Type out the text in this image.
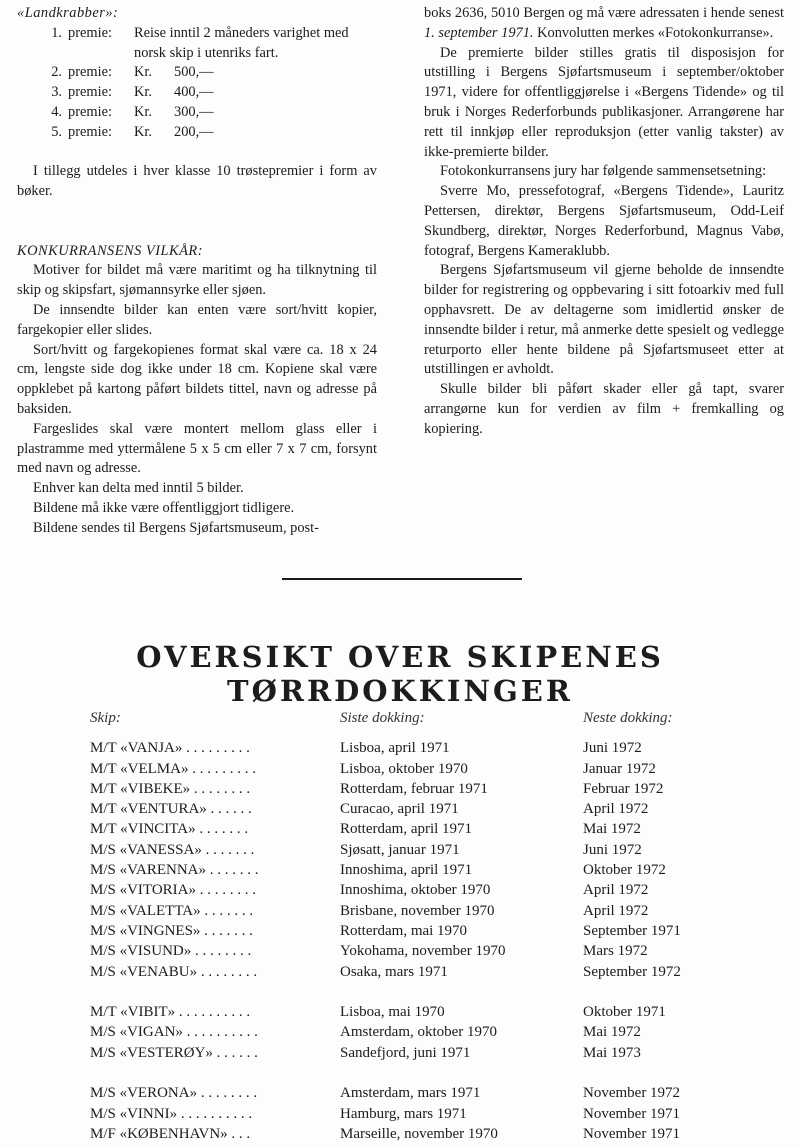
«Landkrabber»:

1. premie:	Reise inntil 2 måneders varighet med norsk skip i utenriks fart.
2. premie:	Kr.	500,—
3. premie:	Kr.	400,—
4. premie:	Kr.	300,—
5. premie:	Kr.	200,—

I tillegg utdeles i hver klasse 10 trøstepremier i form av bøker.

KONKURRANSENS VILKÅR:

Motiver for bildet må være maritimt og ha tilknytning til skip og skipsfart, sjømannsyrke eller sjøen.

De innsendte bilder kan enten være sort/hvitt kopier, fargekopier eller slides.

Sort/hvitt og fargekopienes format skal være ca. 18 x 24 cm, lengste side dog ikke under 18 cm. Kopiene skal være oppklebet på kartong påført bildets tittel, navn og adresse på baksiden.

Fargeslides skal være montert mellom glass eller i plastramme med yttermålene 5 x 5 cm eller 7 x 7 cm, forsynt med navn og adresse.

Enhver kan delta med inntil 5 bilder.

Bildene må ikke være offentliggjort tidligere.

Bildene sendes til Bergens Sjøfartsmuseum, post-

boks 2636, 5010 Bergen og må være adressaten i hende senest 1. september 1971. Konvolutten merkes «Fotokonkurranse».

De premierte bilder stilles gratis til disposisjon for utstilling i Bergens Sjøfartsmuseum i september/oktober 1971, videre for offentliggjørelse i «Bergens Tidende» og til bruk i Norges Rederforbunds publikasjoner. Arrangørene har rett til innkjøp eller reproduksjon (etter vanlig takster) av ikke-premierte bilder.

Fotokonkurransens jury har følgende sammensetsetning:

Sverre Mo, pressefotograf, «Bergens Tidende», Lauritz Pettersen, direktør, Bergens Sjøfartsmuseum, Odd-Leif Skundberg, direktør, Norges Rederforbund, Magnus Vabø, fotograf, Bergens Kameraklubb.

Bergens Sjøfartsmuseum vil gjerne beholde de innsendte bilder for registrering og oppbevaring i sitt fotoarkiv med full opphavsrett. De av deltagerne som imidlertid ønsker de innsendte bilder i retur, må anmerke dette spesielt og vedlegge returporto eller hente bildene på Sjøfartsmuseet etter at utstillingen er avholdt.

Skulle bilder bli påført skader eller gå tapt, svarer arrangørne kun for verdien av film + fremkalling og kopiering.

OVERSIKT OVER SKIPENES TØRRDOKKINGER
Skip:	Siste dokking:	Neste dokking:
M/T «VANJA» . . . . . . . . .	Lisboa, april 1971	Juni 1972
M/T «VELMA» . . . . . . . . .	Lisboa, oktober 1970	Januar 1972
M/T «VIBEKE» . . . . . . . .	Rotterdam, februar 1971	Februar 1972
M/T «VENTURA» . . . . . .	Curacao, april 1971	April 1972
M/T «VINCITA» . . . . . . .	Rotterdam, april 1971	Mai 1972
M/S «VANESSA» . . . . . . .	Sjøsatt, januar 1971	Juni 1972
M/S «VARENNA» . . . . . . .	Innoshima, april 1971	Oktober 1972
M/S «VITORIA» . . . . . . . .	Innoshima, oktober 1970	April 1972
M/S «VALETTA» . . . . . . .	Brisbane, november 1970	April 1972
M/S «VINGNES» . . . . . . .	Rotterdam, mai 1970	September 1971
M/S «VISUND» . . . . . . . .	Yokohama, november 1970	Mars 1972
M/S «VENABU» . . . . . . . .	Osaka, mars 1971	September 1972
M/T «VIBIT» . . . . . . . . . .	Lisboa, mai 1970	Oktober 1971
M/S «VIGAN» . . . . . . . . . .	Amsterdam, oktober 1970	Mai 1972
M/S «VESTERØY» . . . . . .	Sandefjord, juni 1971	Mai 1973
M/S «VERONA» . . . . . . . .	Amsterdam, mars 1971	November 1972
M/S «VINNI» . . . . . . . . . .	Hamburg, mars 1971	November 1971
M/F «KØBENHAVN» . . .	Marseille, november 1970	November 1971
